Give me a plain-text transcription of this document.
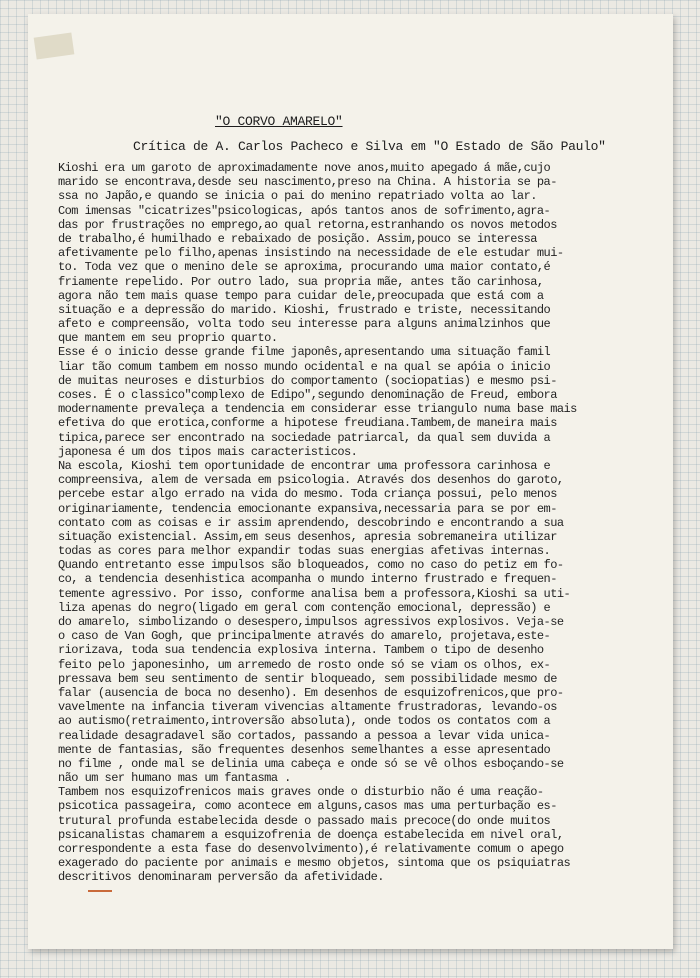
"O CORVO AMARELO"
Crítica de A. Carlos Pacheco e Silva em "O Estado de São Paulo"
Kioshi era um garoto de aproximadamente nove anos,muito apegado á mãe,cujo
marido se encontrava,desde seu nascimento,preso na China. A historia se pa-
ssa no Japão,e quando se inicia o pai do menino repatriado volta ao lar.
Com imensas "cicatrizes"psicologicas, após tantos anos de sofrimento,agra-
das por frustrações no emprego,ao qual retorna,estranhando os novos metodos
de trabalho,é humilhado e rebaixado de posição. Assim,pouco se interessa
afetivamente pelo filho,apenas insistindo na necessidade de ele estudar mui-
to. Toda vez que o menino dele se aproxima, procurando uma maior contato,é
friamente repelido. Por outro lado, sua propria mãe, antes tão carinhosa,
agora não tem mais quase tempo para cuidar dele,preocupada que está com a
situação e a depressão do marido. Kioshi, frustrado e triste, necessitando
afeto e compreensão, volta todo seu interesse para alguns animalzinhos que
que mantem em seu proprio quarto.
Esse é o inicio desse grande filme japonês,apresentando uma situação famil
liar tão comum tambem em nosso mundo ocidental e na qual se apóia o inicio
de muitas neuroses e disturbios do comportamento (sociopatias) e mesmo psi-
coses. É o classico"complexo de Edipo",segundo denominação de Freud, embora
modernamente prevaleça a tendencia em considerar esse triangulo numa base mais
efetiva do que erotica,conforme a hipotese freudiana.Tambem,de maneira mais
tipica,parece ser encontrado na sociedade patriarcal, da qual sem duvida a
japonesa é um dos tipos mais caracteristicos.
Na escola, Kioshi tem oportunidade de encontrar uma professora carinhosa e
compreensiva, alem de versada em psicologia. Através dos desenhos do garoto,
percebe estar algo errado na vida do mesmo. Toda criança possui, pelo menos
originariamente, tendencia emocionante expansiva,necessaria para se por em-
contato com as coisas e ir assim aprendendo, descobrindo e encontrando a sua
situação existencial. Assim,em seus desenhos, apresia sobremaneira utilizar
todas as cores para melhor expandir todas suas energias afetivas internas.
Quando entretanto esse impulsos são bloqueados, como no caso do petiz em fo-
co, a tendencia desenhistica acompanha o mundo interno frustrado e frequen-
temente agressivo. Por isso, conforme analisa bem a professora,Kioshi sa uti-
liza apenas do negro(ligado em geral com contenção emocional, depressão) e
do amarelo, simbolizando o desespero,impulsos agressivos explosivos. Veja-se
o caso de Van Gogh, que principalmente através do amarelo, projetava,este-
riorizava, toda sua tendencia explosiva interna. Tambem o tipo de desenho
feito pelo japonesinho, um arremedo de rosto onde só se viam os olhos, ex-
pressava bem seu sentimento de sentir bloqueado, sem possibilidade mesmo de
falar (ausencia de boca no desenho). Em desenhos de esquizofrenicos,que pro-
vavelmente na infancia tiveram vivencias altamente frustradoras, levando-os
ao autismo(retraimento,introversão absoluta), onde todos os contatos com a
realidade desagradavel são cortados, passando a pessoa a levar vida unica-
mente de fantasias, são frequentes desenhos semelhantes a esse apresentado
no filme , onde mal se delinia uma cabeça e onde só se vê olhos esboçando-se
não um ser humano mas um fantasma .
Tambem nos esquizofrenicos mais graves onde o disturbio não é uma reação-
psicotica passageira, como acontece em alguns,casos mas uma perturbação es-
trutural profunda estabelecida desde o passado mais precoce(do onde muitos
psicanalistas chamarem a esquizofrenia de doença estabelecida em nivel oral,
correspondente a esta fase do desenvolvimento),é relativamente comum o apego
exagerado do paciente por animais e mesmo objetos, sintoma que os psiquiatras
descritivos denominaram perversão da afetividade.
